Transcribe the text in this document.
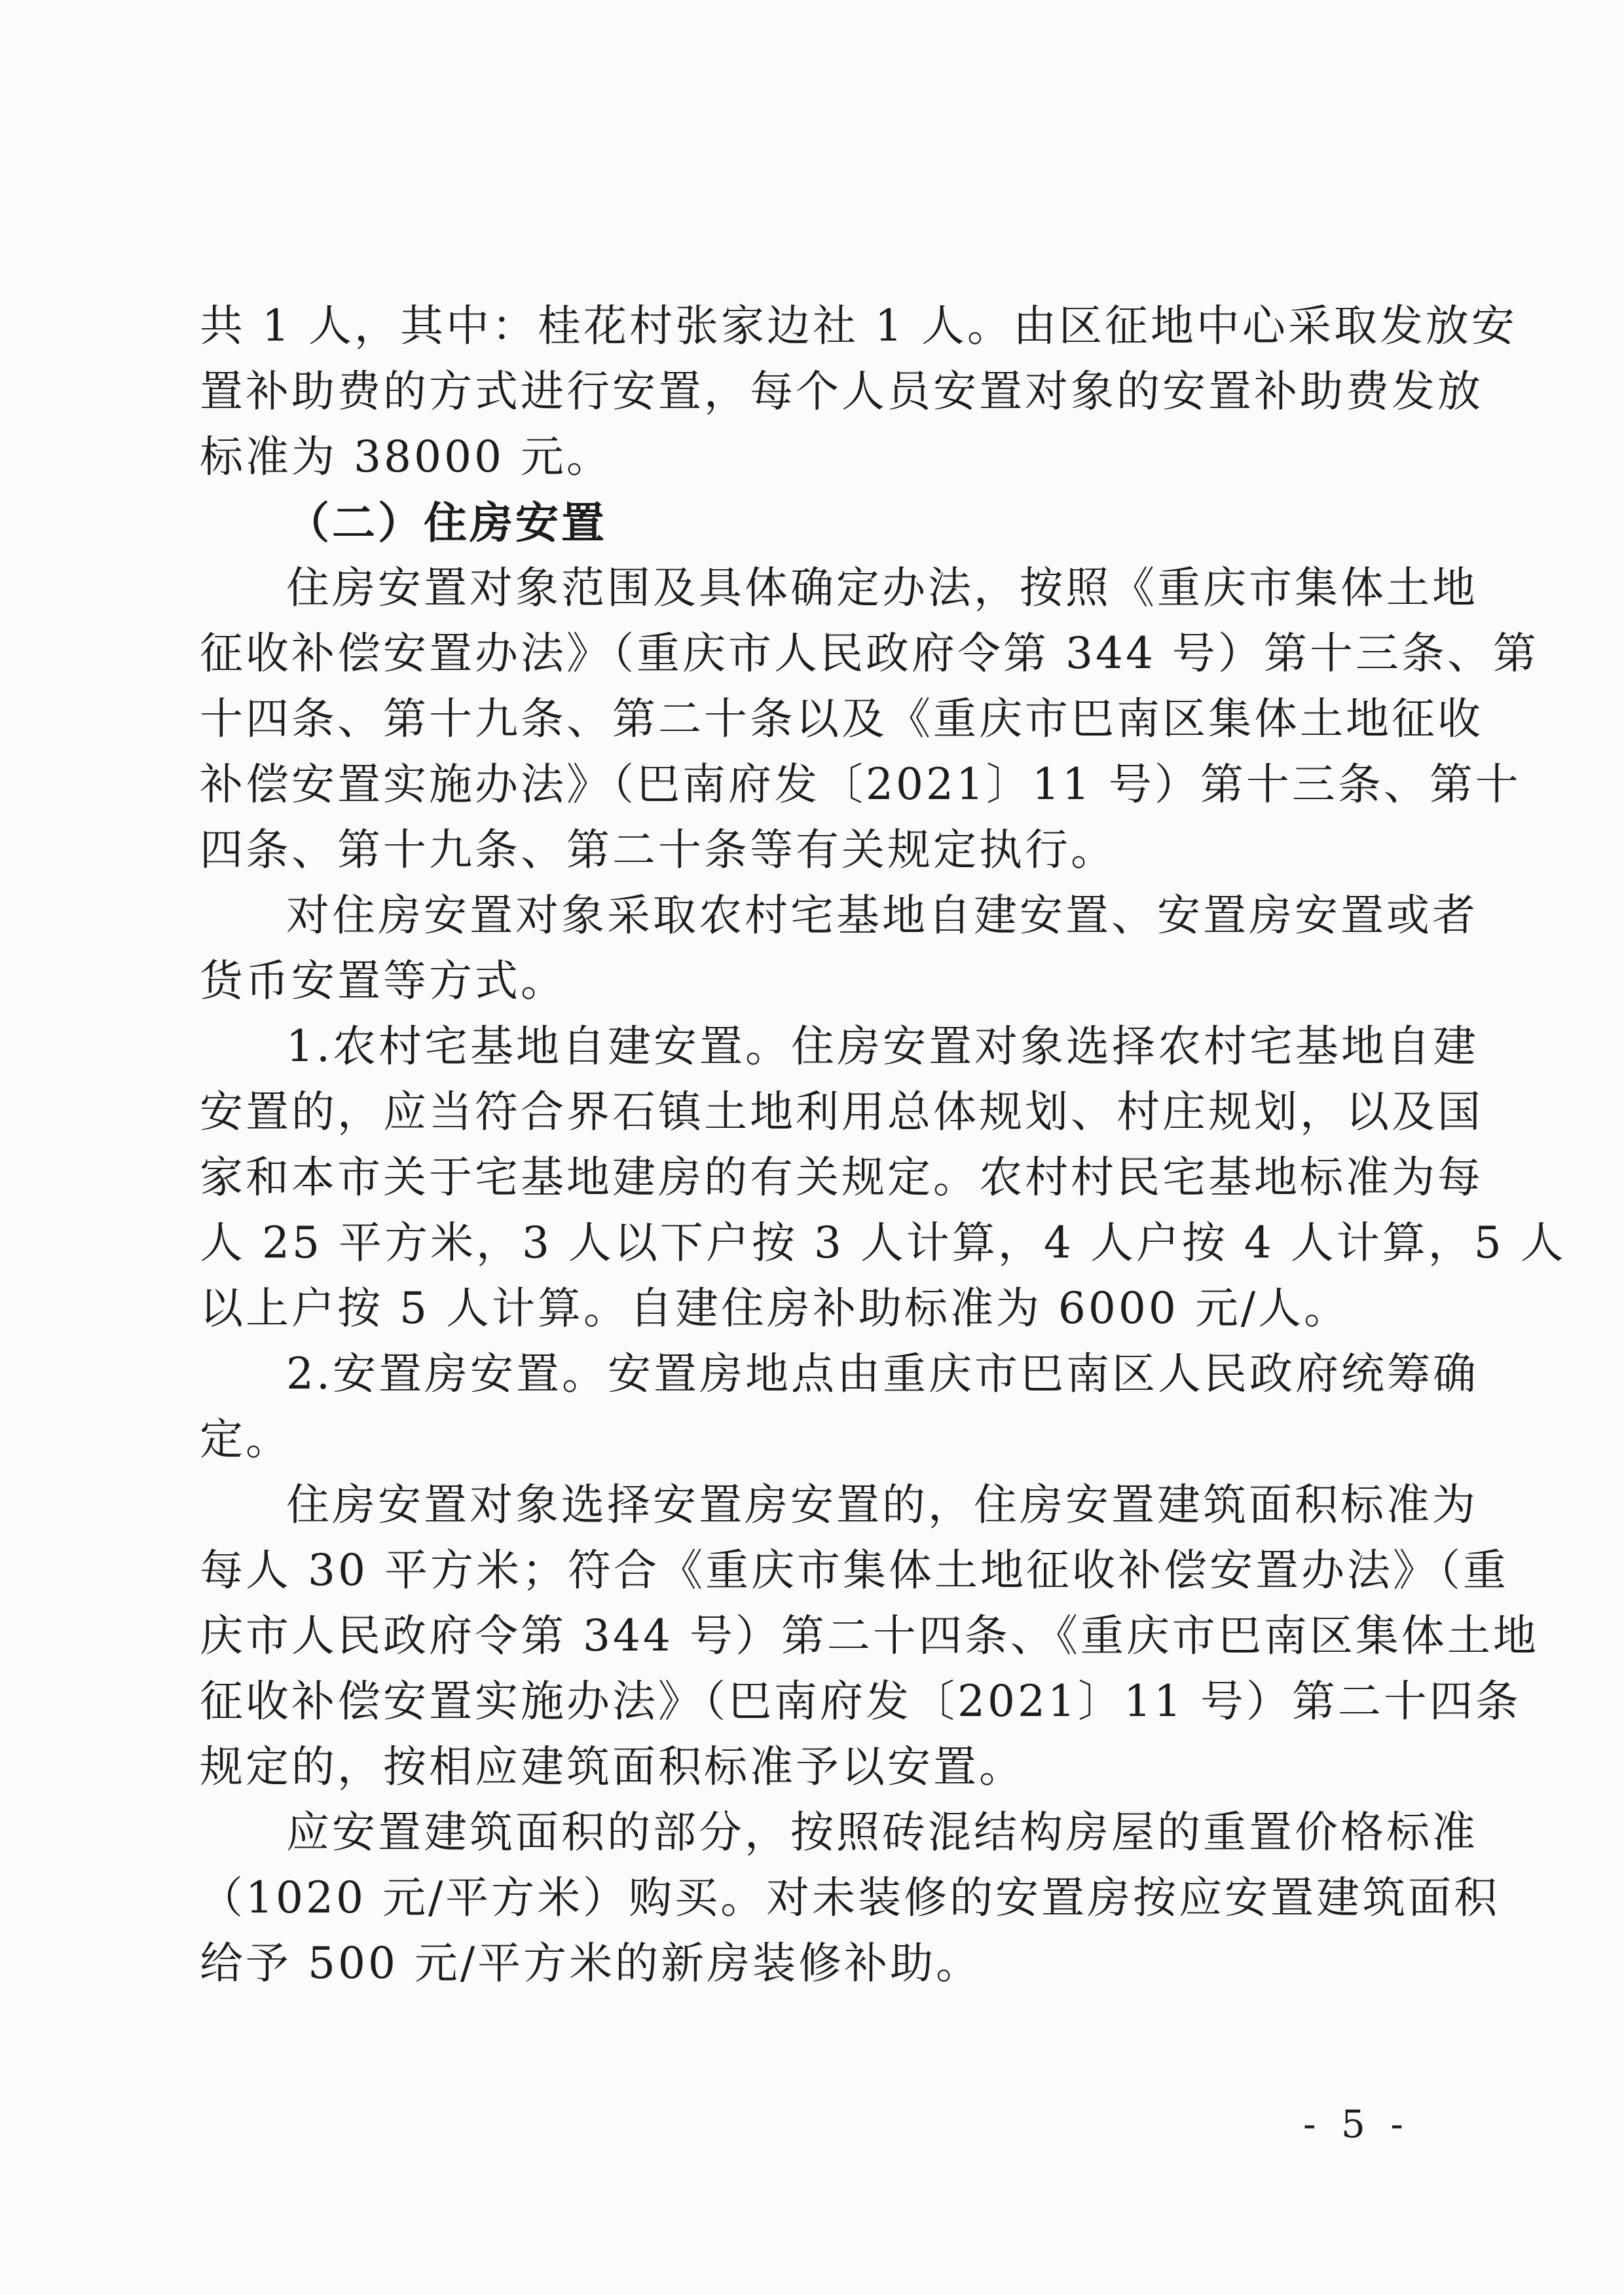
共 1 人，其中：桂花村张家边社 1 人。由区征地中心采取发放安
置补助费的方式进行安置，每个人员安置对象的安置补助费发放
标准为 38000 元。
（二）住房安置
住房安置对象范围及具体确定办法，按照《重庆市集体土地
征收补偿安置办法》（重庆市人民政府令第 344 号）第十三条、第
十四条、第十九条、第二十条以及《重庆市巴南区集体土地征收
补偿安置实施办法》（巴南府发〔2021〕11 号）第十三条、第十
四条、第十九条、第二十条等有关规定执行。
对住房安置对象采取农村宅基地自建安置、安置房安置或者
货币安置等方式。
1.农村宅基地自建安置。住房安置对象选择农村宅基地自建
安置的，应当符合界石镇土地利用总体规划、村庄规划，以及国
家和本市关于宅基地建房的有关规定。农村村民宅基地标准为每
人 25 平方米，3 人以下户按 3 人计算，4 人户按 4 人计算，5 人
以上户按 5 人计算。自建住房补助标准为 6000 元/人。
2.安置房安置。安置房地点由重庆市巴南区人民政府统筹确
定。
住房安置对象选择安置房安置的，住房安置建筑面积标准为
每人 30 平方米；符合《重庆市集体土地征收补偿安置办法》（重
庆市人民政府令第 344 号）第二十四条、《重庆市巴南区集体土地
征收补偿安置实施办法》（巴南府发〔2021〕11 号）第二十四条
规定的，按相应建筑面积标准予以安置。
应安置建筑面积的部分，按照砖混结构房屋的重置价格标准
（1020 元/平方米）购买。对未装修的安置房按应安置建筑面积
给予 500 元/平方米的新房装修补助。
- 5 -
